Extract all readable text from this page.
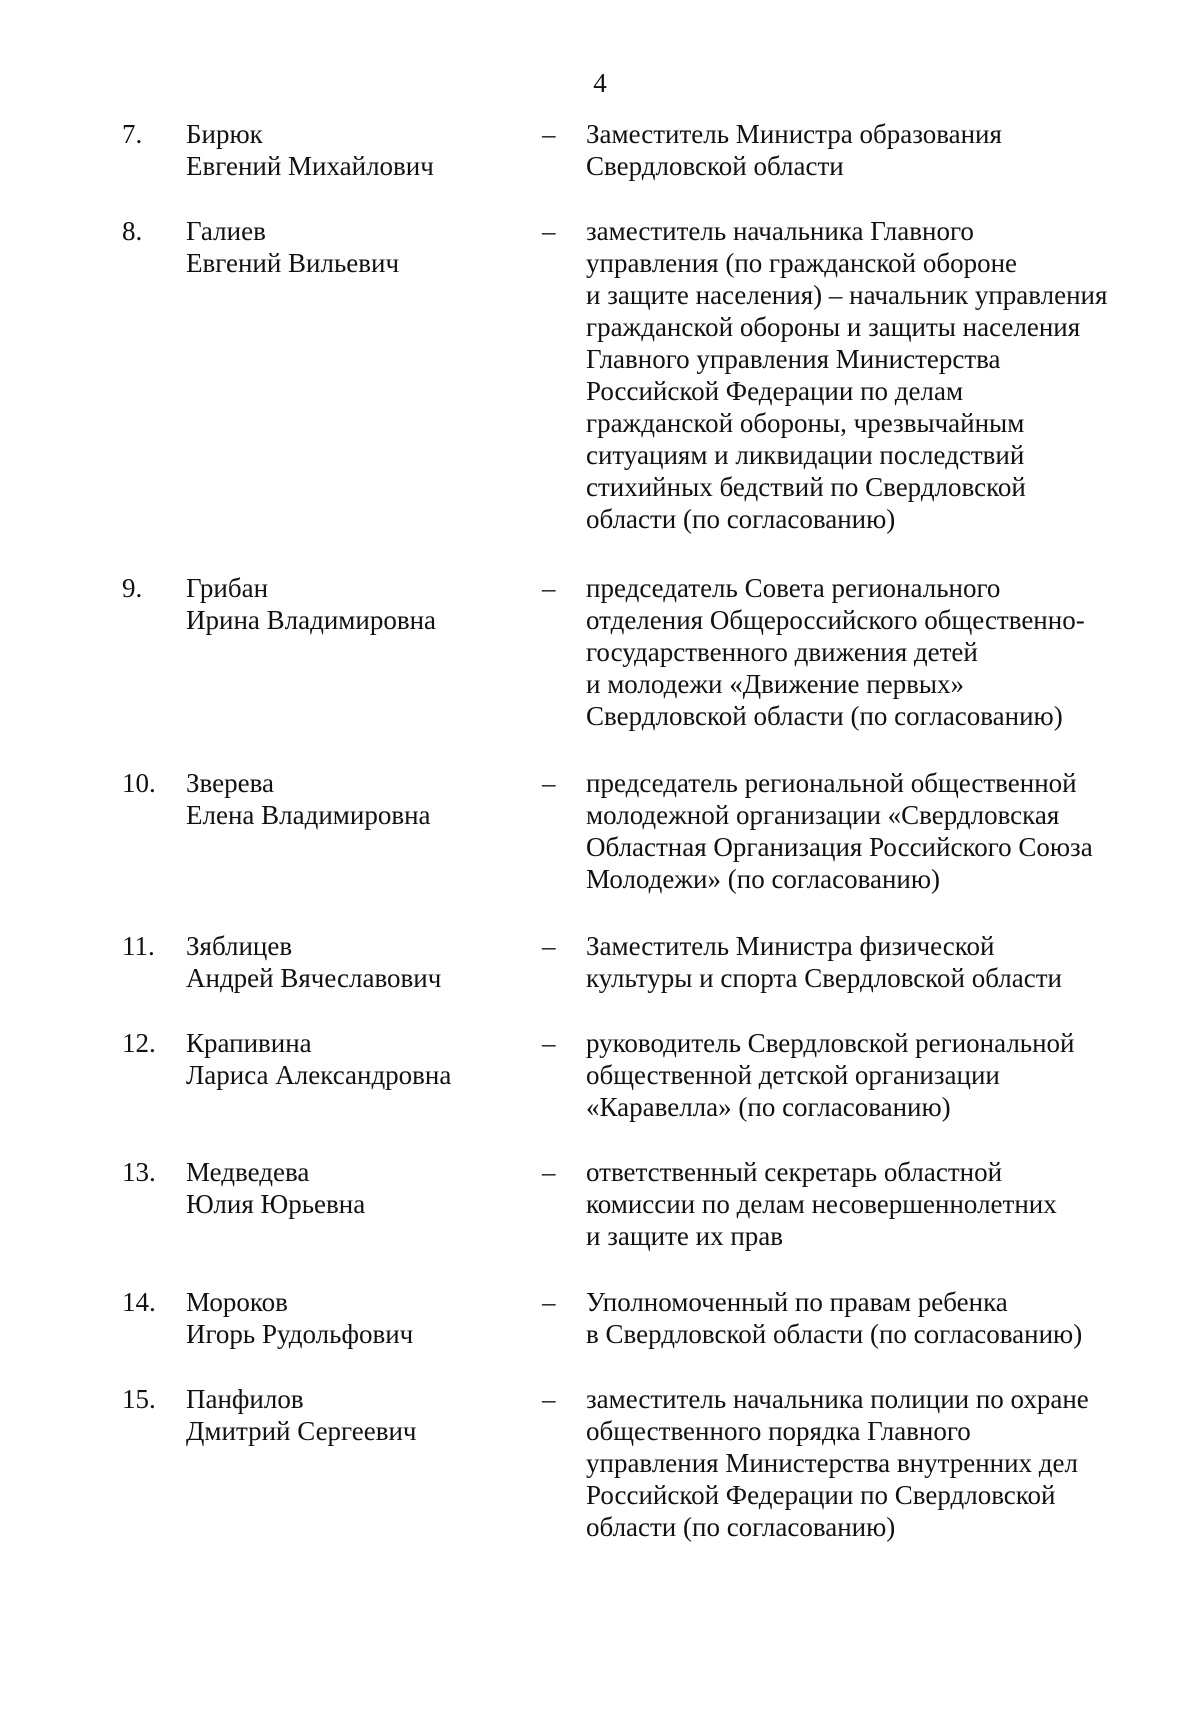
4
7.	Бирюк
Евгений Михайлович
–	Заместитель Министра образования
Свердловской области
8.	Галиев
Евгений Вильевич
–	заместитель начальника Главного
управления (по гражданской обороне
и защите населения) – начальник управления
гражданской обороны и защиты населения
Главного управления Министерства
Российской Федерации по делам
гражданской обороны, чрезвычайным
ситуациям и ликвидации последствий
стихийных бедствий по Свердловской
области (по согласованию)
9.	Грибан
Ирина Владимировна
–	председатель Совета регионального
отделения Общероссийского общественно-
государственного движения детей
и молодежи «Движение первых»
Свердловской области (по согласованию)
10.	Зверева
Елена Владимировна
–	председатель региональной общественной
молодежной организации «Свердловская
Областная Организация Российского Союза
Молодежи» (по согласованию)
11.	Зяблицев
Андрей Вячеславович
–	Заместитель Министра физической
культуры и спорта Свердловской области
12.	Крапивина
Лариса Александровна
–	руководитель Свердловской региональной
общественной детской организации
«Каравелла» (по согласованию)
13.	Медведева
Юлия Юрьевна
–	ответственный секретарь областной
комиссии по делам несовершеннолетних
и защите их прав
14.	Мороков
Игорь Рудольфович
–	Уполномоченный по правам ребенка
в Свердловской области (по согласованию)
15.	Панфилов
Дмитрий Сергеевич
–	заместитель начальника полиции по охране
общественного порядка Главного
управления Министерства внутренних дел
Российской Федерации по Свердловской
области (по согласованию)
